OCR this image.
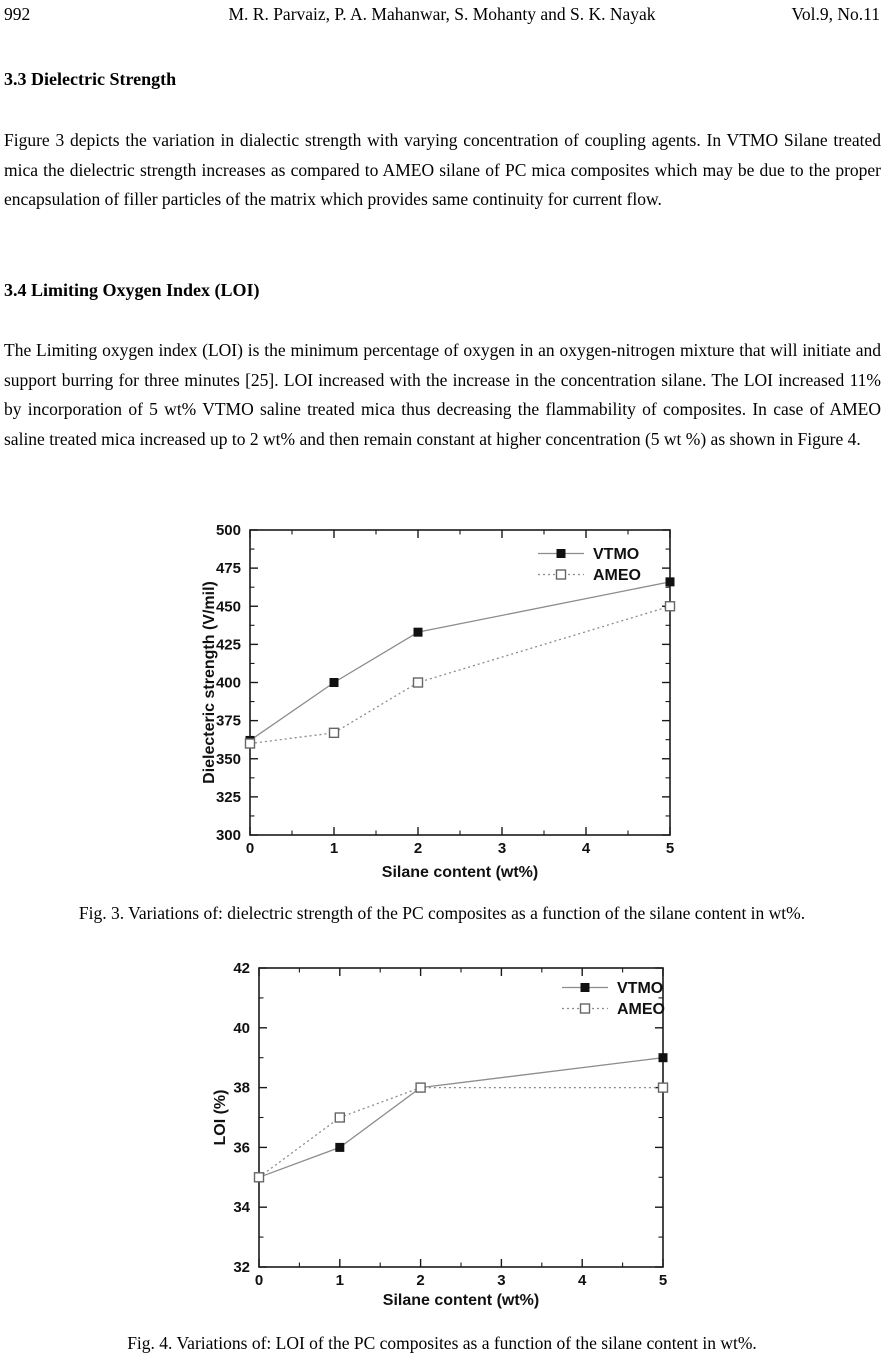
992	M. R. Parvaiz, P. A. Mahanwar, S. Mohanty and S. K. Nayak	Vol.9, No.11
3.3 Dielectric Strength

Figure 3 depicts the variation in dialectic strength with varying concentration of coupling agents. In VTMO Silane treated mica the dielectric strength increases as compared to AMEO silane of PC mica composites which may be due to the proper encapsulation of filler particles of the matrix which provides same continuity for current flow.

3.4 Limiting Oxygen Index (LOI)

The Limiting oxygen index (LOI) is the minimum percentage of oxygen in an oxygen-nitrogen mixture that will initiate and support burring for three minutes [25]. LOI increased with the increase in the concentration silane. The LOI increased 11% by incorporation of 5 wt% VTMO saline treated mica thus decreasing the flammability of composites. In case of AMEO saline treated mica increased up to 2 wt% and then remain constant at higher concentration (5 wt %) as shown in Figure 4.

0	1	2	3	4	5
300
325
350
375
400
425
450
475
500
Silane content (wt%)
Dielecteric strength (V/mil)
VTMO
AMEO
Fig. 3. Variations of: dielectric strength of the PC composites as a function of the silane content in wt%.
0	1	2	3	4	5
32
34
36
38
40
42
Silane content (wt%)
LOI (%)
VTMO
AMEO
Fig. 4. Variations of: LOI of the PC composites as a function of the silane content in wt%.
